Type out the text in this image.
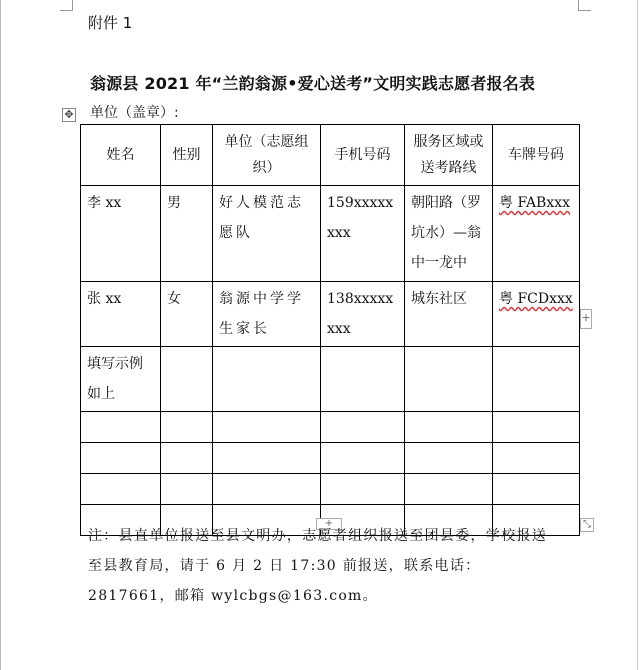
附件 1
翁源县 2021 年“兰韵翁源•爱心送考”文明实践志愿者报名表
单位（盖章）:
✥
姓名	性别	单位（志愿组织）	手机号码	服务区域或送考路线	车牌号码
李 xx	男	好人模范志愿队	159xxxxxxxx	朝阳路（罗坑水）—翁中一龙中	粤 FABxxx
张 xx	女	翁源中学学生家长	138xxxxxxxx	城东社区	粤 FCDxxx
填写示例如上					

+
+	⤡
注：县直单位报送至县文明办，志愿者组织报送至团县委，学校报送至县教育局，请于 6 月 2 日 17:30 前报送，联系电话：2817661，邮箱 wylcbgs@163.com。
